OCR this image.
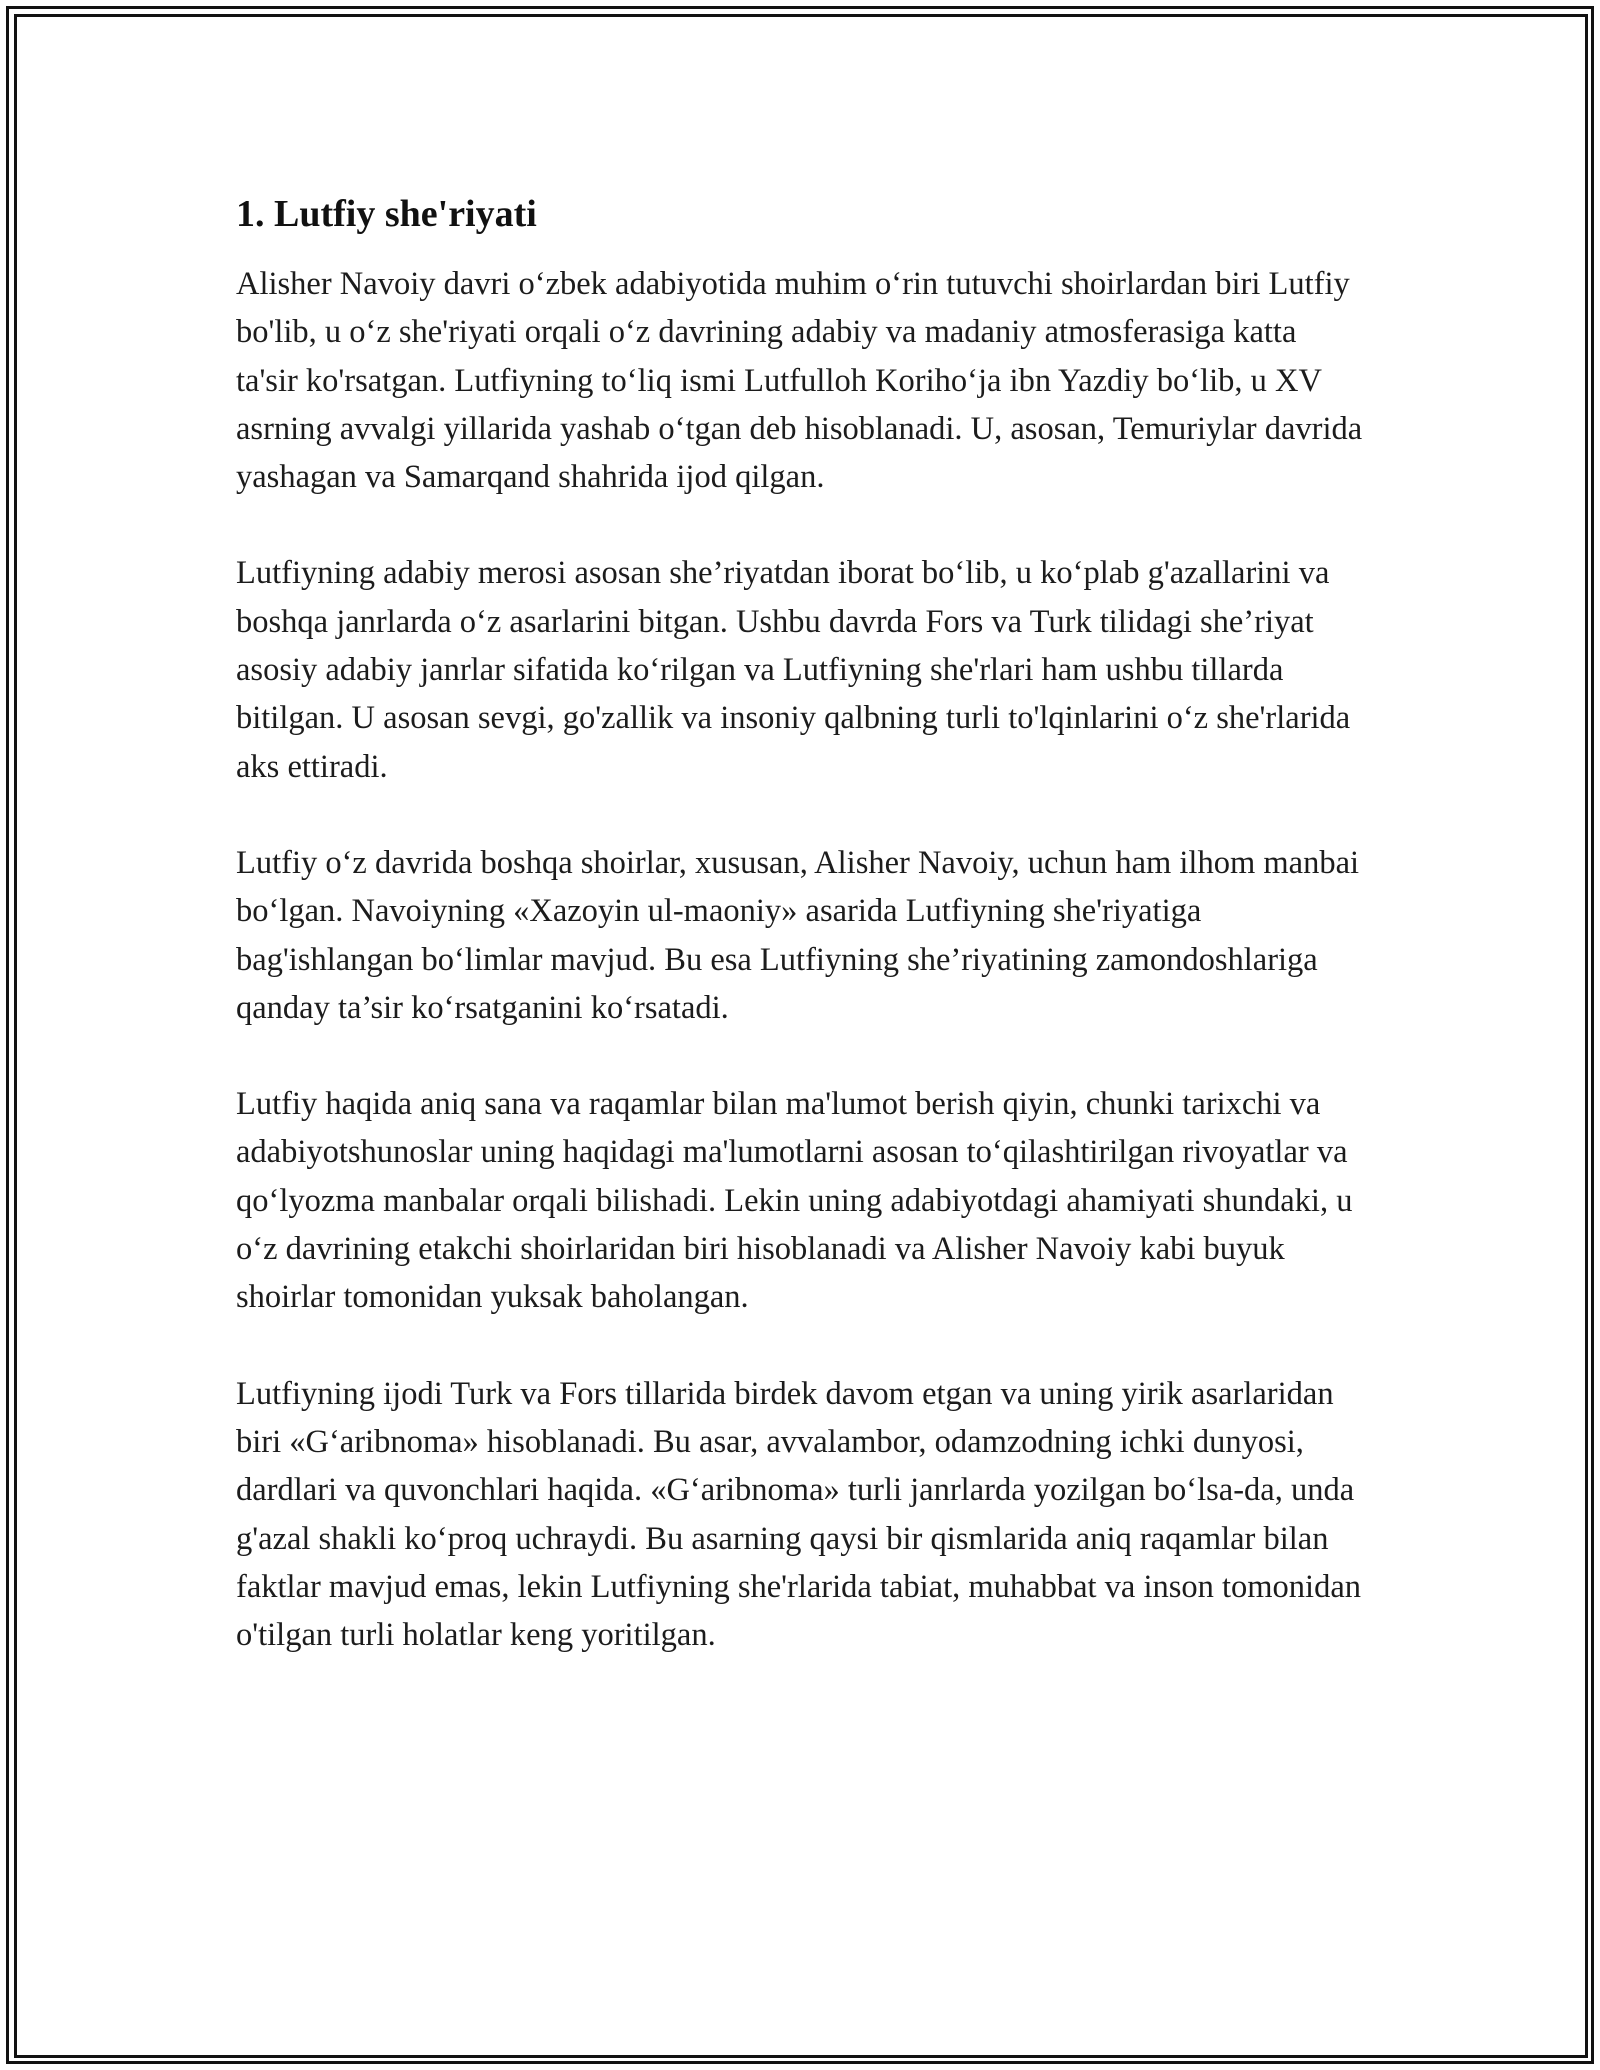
1. Lutfiy she'riyati

Alisher Navoiy davri o‘zbek adabiyotida muhim o‘rin tutuvchi shoirlardan biri Lutfiy bo'lib, u o‘z she'riyati orqali o‘z davrining adabiy va madaniy atmosferasiga katta ta'sir ko'rsatgan. Lutfiyning to‘liq ismi Lutfulloh Koriho‘ja ibn Yazdiy bo‘lib, u XV asrning avvalgi yillarida yashab o‘tgan deb hisoblanadi. U, asosan, Temuriylar davrida yashagan va Samarqand shahrida ijod qilgan.

Lutfiyning adabiy merosi asosan she’riyatdan iborat bo‘lib, u ko‘plab g'azallarini va boshqa janrlarda o‘z asarlarini bitgan. Ushbu davrda Fors va Turk tilidagi she’riyat asosiy adabiy janrlar sifatida ko‘rilgan va Lutfiyning she'rlari ham ushbu tillarda bitilgan. U asosan sevgi, go'zallik va insoniy qalbning turli to'lqinlarini o‘z she'rlarida aks ettiradi.

Lutfiy o‘z davrida boshqa shoirlar, xususan, Alisher Navoiy, uchun ham ilhom manbai bo‘lgan. Navoiyning «Xazoyin ul-maoniy» asarida Lutfiyning she'riyatiga bag'ishlangan bo‘limlar mavjud. Bu esa Lutfiyning she’riyatining zamondoshlariga qanday ta’sir ko‘rsatganini ko‘rsatadi.

Lutfiy haqida aniq sana va raqamlar bilan ma'lumot berish qiyin, chunki tarixchi va adabiyotshunoslar uning haqidagi ma'lumotlarni asosan to‘qilashtirilgan rivoyatlar va qo‘lyozma manbalar orqali bilishadi. Lekin uning adabiyotdagi ahamiyati shundaki, u o‘z davrining etakchi shoirlaridan biri hisoblanadi va Alisher Navoiy kabi buyuk shoirlar tomonidan yuksak baholangan.

Lutfiyning ijodi Turk va Fors tillarida birdek davom etgan va uning yirik asarlaridan biri «G‘aribnoma» hisoblanadi. Bu asar, avvalambor, odamzodning ichki dunyosi, dardlari va quvonchlari haqida. «G‘aribnoma» turli janrlarda yozilgan bo‘lsa-da, unda g'azal shakli ko‘proq uchraydi. Bu asarning qaysi bir qismlarida aniq raqamlar bilan faktlar mavjud emas, lekin Lutfiyning she'rlarida tabiat, muhabbat va inson tomonidan o'tilgan turli holatlar keng yoritilgan.
